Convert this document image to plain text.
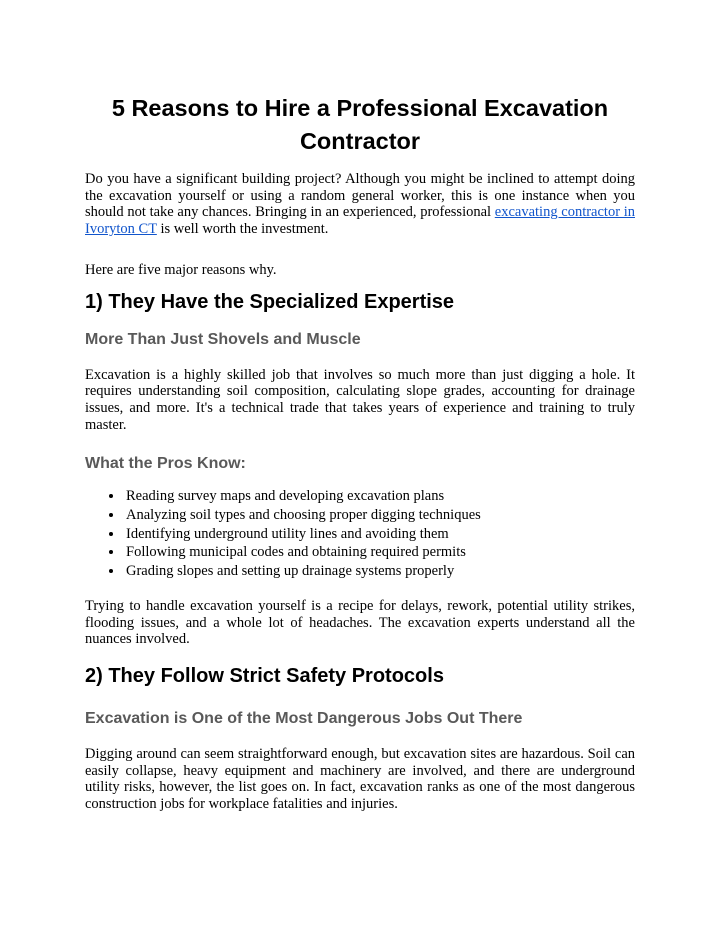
5 Reasons to Hire a Professional Excavation Contractor

Do you have a significant building project? Although you might be inclined to attempt doing the excavation yourself or using a random general worker, this is one instance when you should not take any chances. Bringing in an experienced, professional excavating contractor in Ivoryton CT is well worth the investment.

Here are five major reasons why.

1) They Have the Specialized Expertise
More Than Just Shovels and Muscle

Excavation is a highly skilled job that involves so much more than just digging a hole. It requires understanding soil composition, calculating slope grades, accounting for drainage issues, and more. It's a technical trade that takes years of experience and training to truly master.

What the Pros Know:
• Reading survey maps and developing excavation plans
• Analyzing soil types and choosing proper digging techniques
• Identifying underground utility lines and avoiding them
• Following municipal codes and obtaining required permits
• Grading slopes and setting up drainage systems properly

Trying to handle excavation yourself is a recipe for delays, rework, potential utility strikes, flooding issues, and a whole lot of headaches. The excavation experts understand all the nuances involved.

2) They Follow Strict Safety Protocols
Excavation is One of the Most Dangerous Jobs Out There

Digging around can seem straightforward enough, but excavation sites are hazardous. Soil can easily collapse, heavy equipment and machinery are involved, and there are underground utility risks, however, the list goes on. In fact, excavation ranks as one of the most dangerous construction jobs for workplace fatalities and injuries.
